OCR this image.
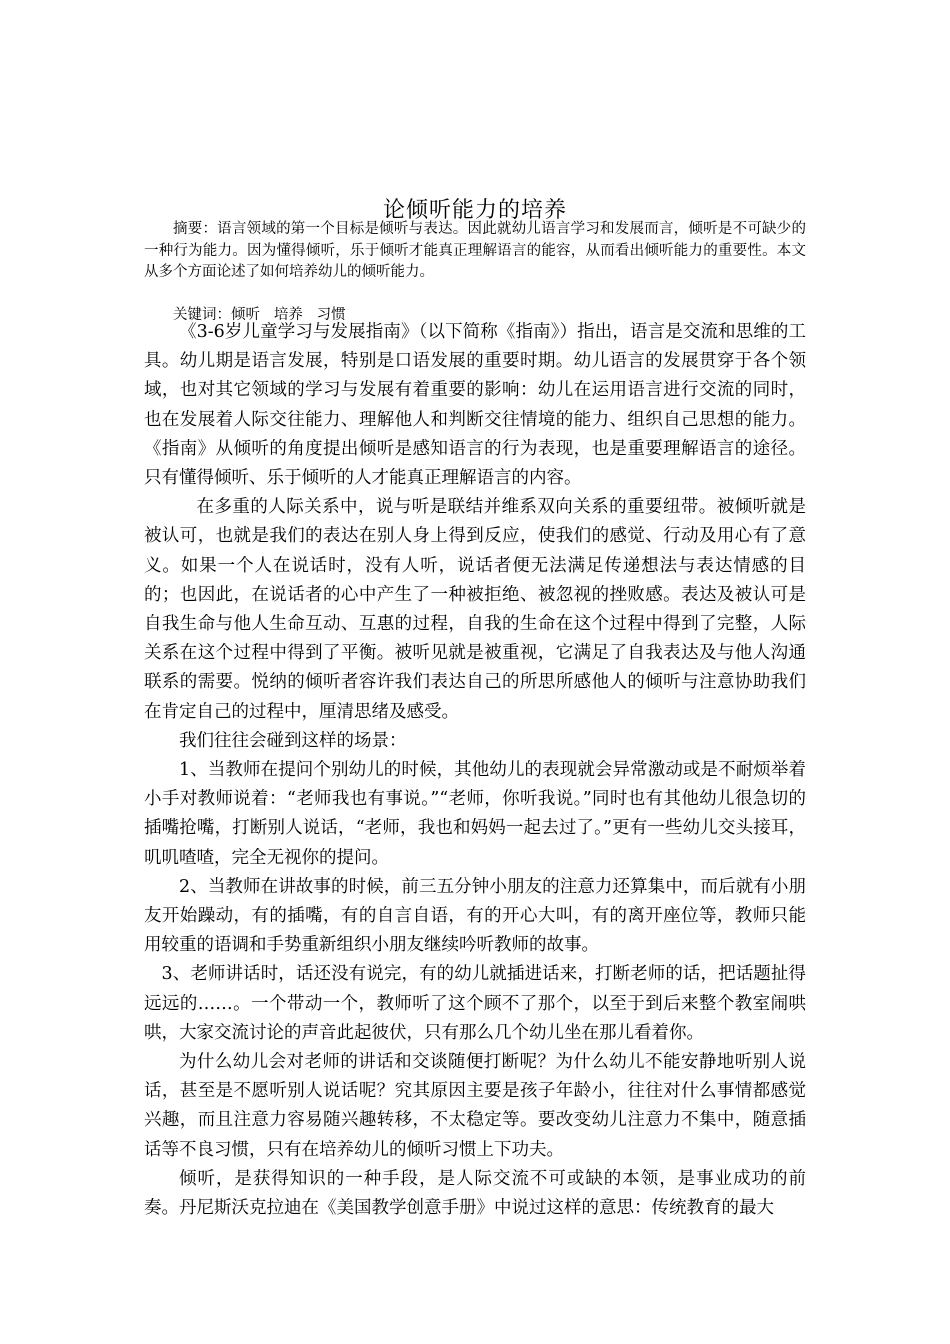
论倾听能力的培养

摘要：语言领域的第一个目标是倾听与表达。因此就幼儿语言学习和发展而言，倾听是不可缺少的一种行为能力。因为懂得倾听，乐于倾听才能真正理解语言的能容，从而看出倾听能力的重要性。本文从多个方面论述了如何培养幼儿的倾听能力。

关键词：倾听   培养   习惯

《3-6岁儿童学习与发展指南》（以下简称《指南》）指出，语言是交流和思维的工具。幼儿期是语言发展，特别是口语发展的重要时期。幼儿语言的发展贯穿于各个领域，也对其它领域的学习与发展有着重要的影响：幼儿在运用语言进行交流的同时，也在发展着人际交往能力、理解他人和判断交往情境的能力、组织自己思想的能力。《指南》从倾听的角度提出倾听是感知语言的行为表现，也是重要理解语言的途径。只有懂得倾听、乐于倾听的人才能真正理解语言的内容。

在多重的人际关系中，说与听是联结并维系双向关系的重要纽带。被倾听就是被认可，也就是我们的表达在别人身上得到反应，使我们的感觉、行动及用心有了意义。如果一个人在说话时，没有人听，说话者便无法满足传递想法与表达情感的目的；也因此，在说话者的心中产生了一种被拒绝、被忽视的挫败感。表达及被认可是自我生命与他人生命互动、互惠的过程，自我的生命在这个过程中得到了完整，人际关系在这个过程中得到了平衡。被听见就是被重视，它满足了自我表达及与他人沟通联系的需要。悦纳的倾听者容许我们表达自己的所思所感他人的倾听与注意协助我们在肯定自己的过程中，厘清思绪及感受。

我们往往会碰到这样的场景：

1、当教师在提问个别幼儿的时候，其他幼儿的表现就会异常激动或是不耐烦举着小手对教师说着：“老师我也有事说。”“老师，你听我说。”同时也有其他幼儿很急切的插嘴抢嘴，打断别人说话，“老师，我也和妈妈一起去过了。”更有一些幼儿交头接耳，叽叽喳喳，完全无视你的提问。

2、当教师在讲故事的时候，前三五分钟小朋友的注意力还算集中，而后就有小朋友开始躁动，有的插嘴，有的自言自语，有的开心大叫，有的离开座位等，教师只能用较重的语调和手势重新组织小朋友继续吟听教师的故事。

3、老师讲话时，话还没有说完，有的幼儿就插进话来，打断老师的话，把话题扯得远远的……。一个带动一个，教师听了这个顾不了那个，以至于到后来整个教室闹哄哄，大家交流讨论的声音此起彼伏，只有那么几个幼儿坐在那儿看着你。

为什么幼儿会对老师的讲话和交谈随便打断呢？为什么幼儿不能安静地听别人说话，甚至是不愿听别人说话呢？究其原因主要是孩子年龄小，往往对什么事情都感觉兴趣，而且注意力容易随兴趣转移，不太稳定等。要改变幼儿注意力不集中，随意插话等不良习惯，只有在培养幼儿的倾听习惯上下功夫。

倾听，是获得知识的一种手段，是人际交流不可或缺的本领，是事业成功的前奏。丹尼斯沃克拉迪在《美国教学创意手册》中说过这样的意思：传统教育的最大
